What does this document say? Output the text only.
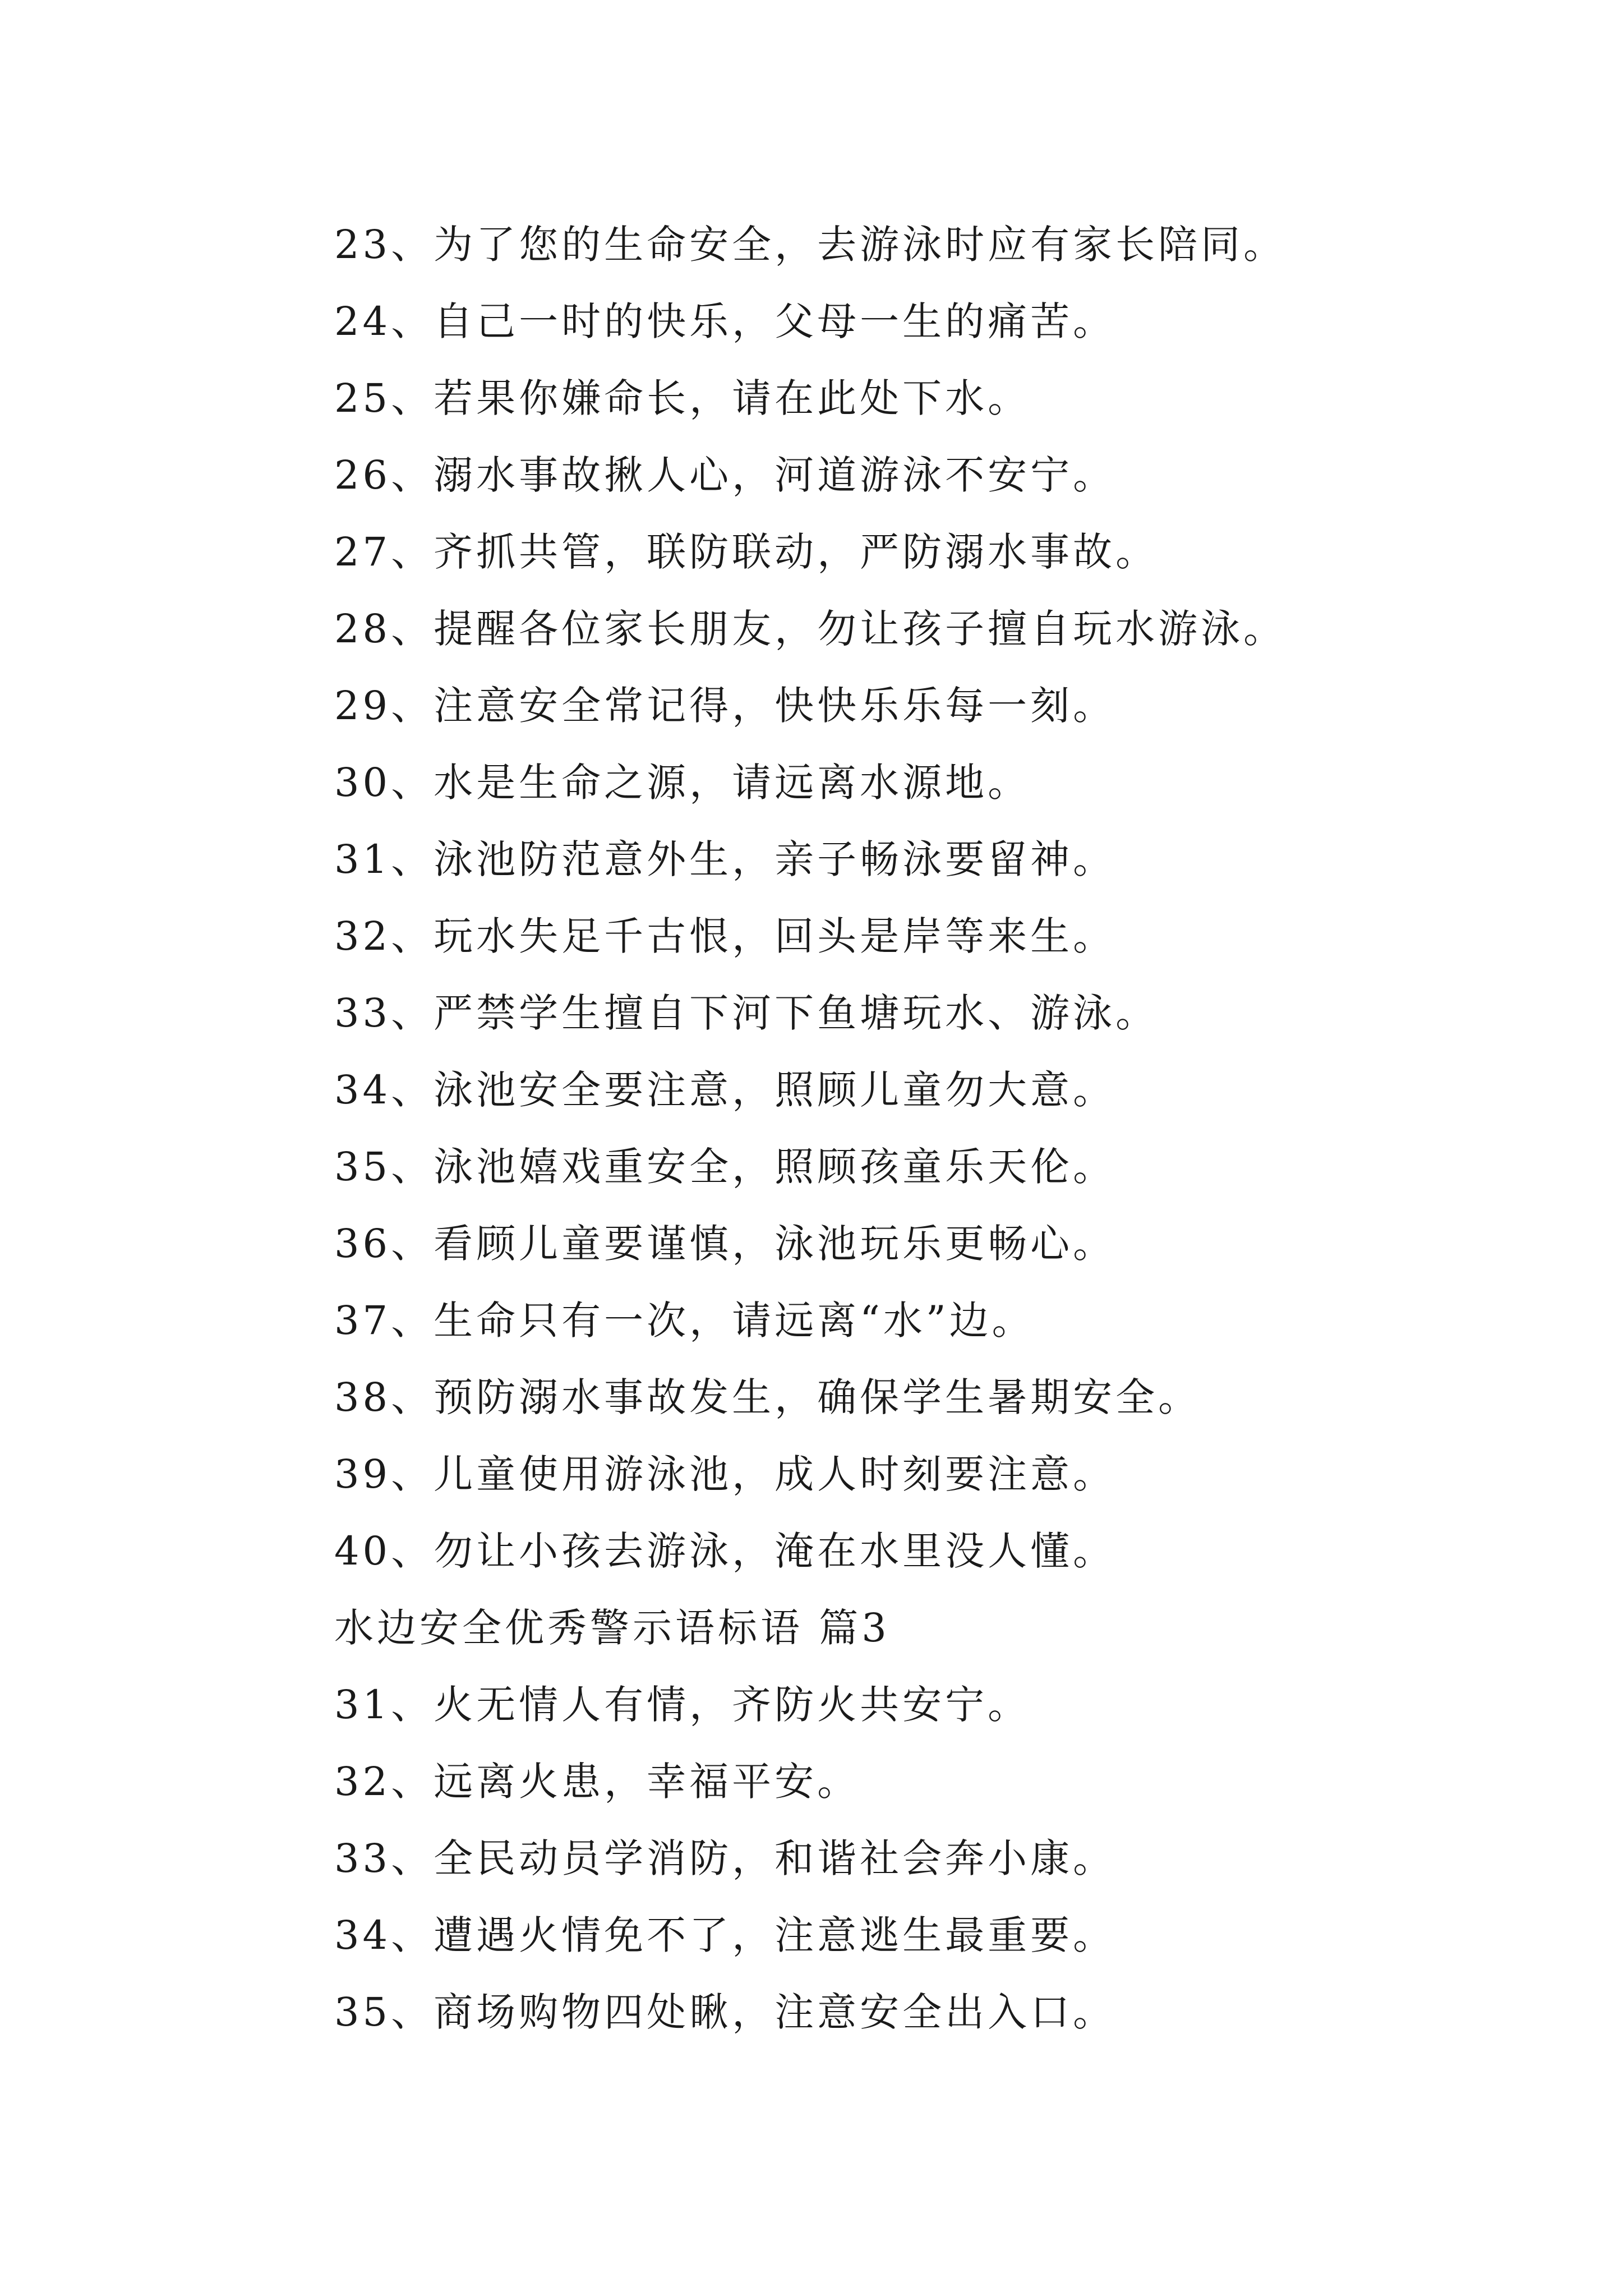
23、为了您的生命安全，去游泳时应有家长陪同。
24、自己一时的快乐，父母一生的痛苦。
25、若果你嫌命长，请在此处下水。
26、溺水事故揪人心，河道游泳不安宁。
27、齐抓共管，联防联动，严防溺水事故。
28、提醒各位家长朋友，勿让孩子擅自玩水游泳。
29、注意安全常记得，快快乐乐每一刻。
30、水是生命之源，请远离水源地。
31、泳池防范意外生，亲子畅泳要留神。
32、玩水失足千古恨，回头是岸等来生。
33、严禁学生擅自下河下鱼塘玩水、游泳。
34、泳池安全要注意，照顾儿童勿大意。
35、泳池嬉戏重安全，照顾孩童乐天伦。
36、看顾儿童要谨慎，泳池玩乐更畅心。
37、生命只有一次，请远离“水”边。
38、预防溺水事故发生，确保学生暑期安全。
39、儿童使用游泳池，成人时刻要注意。
40、勿让小孩去游泳，淹在水里没人懂。
水边安全优秀警示语标语 篇3
31、火无情人有情，齐防火共安宁。
32、远离火患，幸福平安。
33、全民动员学消防，和谐社会奔小康。
34、遭遇火情免不了，注意逃生最重要。
35、商场购物四处瞅，注意安全出入口。
